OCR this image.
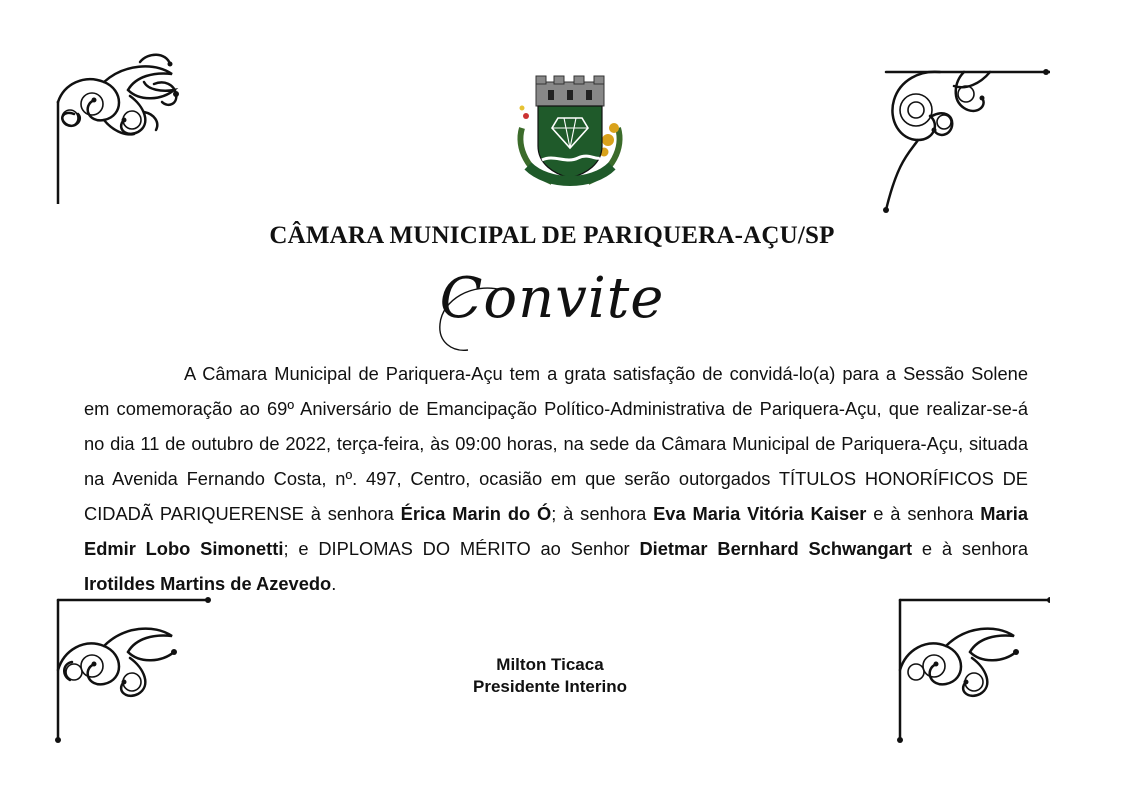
CÂMARA MUNICIPAL DE PARIQUERA-AÇU/SP
Convite
A Câmara Municipal de Pariquera-Açu tem a grata satisfação de convidá-lo(a) para a Sessão Solene em comemoração ao 69º Aniversário de Emancipação Político-Administrativa de Pariquera-Açu, que realizar-se-á no dia 11 de outubro de 2022, terça-feira, às 09:00 horas, na sede da Câmara Municipal de Pariquera-Açu, situada na Avenida Fernando Costa, nº. 497, Centro, ocasião em que serão outorgados TÍTULOS HONORÍFICOS DE CIDADÃ PARIQUERENSE à senhora Érica Marin do Ó; à senhora Eva Maria Vitória Kaiser e à senhora Maria Edmir Lobo Simonetti; e DIPLOMAS DO MÉRITO ao Senhor Dietmar Bernhard Schwangart e à senhora Irotildes Martins de Azevedo.
Milton Ticaca
Presidente Interino
